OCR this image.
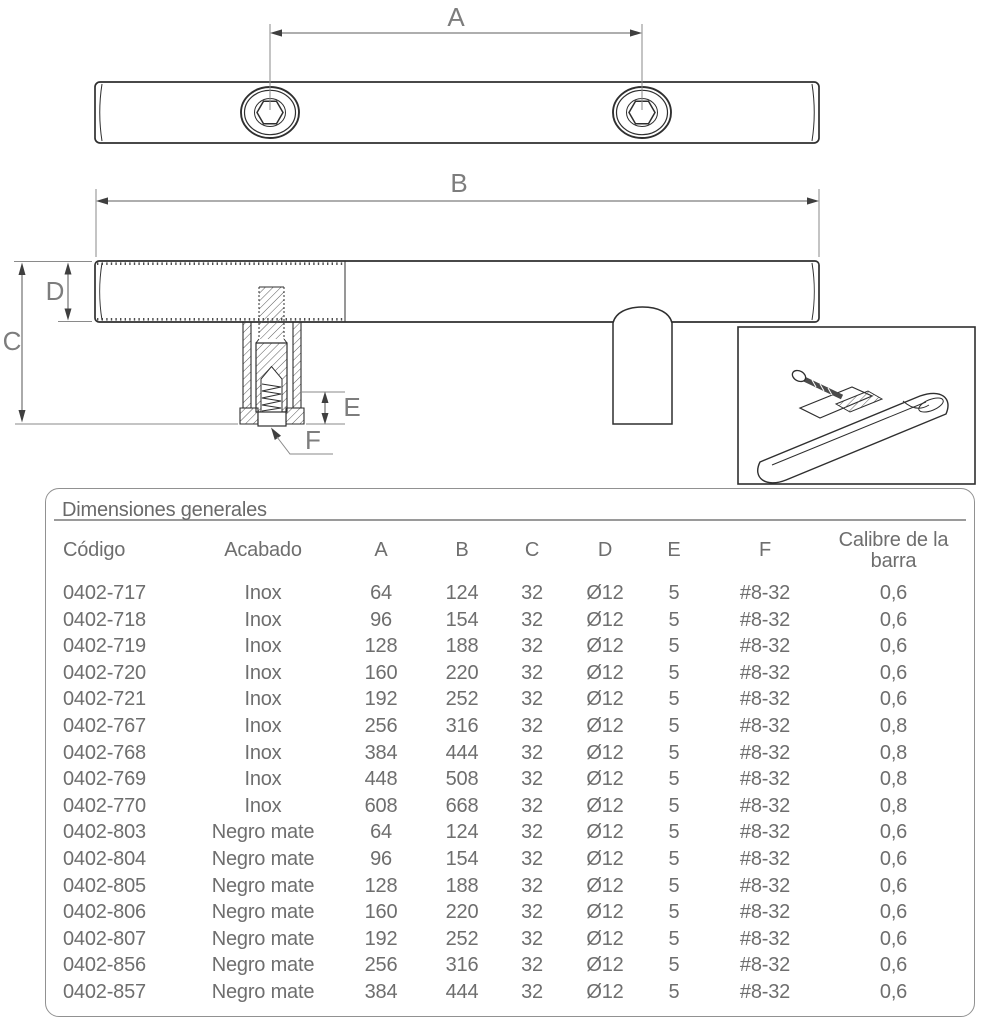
A
B
C
D
E
F
Dimensiones generales
Código	Acabado	A	B	C	D	E	F	Calibre de la barra
0402-717	Inox	64	124	32	Ø12	5	#8-32	0,6
0402-718	Inox	96	154	32	Ø12	5	#8-32	0,6
0402-719	Inox	128	188	32	Ø12	5	#8-32	0,6
0402-720	Inox	160	220	32	Ø12	5	#8-32	0,6
0402-721	Inox	192	252	32	Ø12	5	#8-32	0,6
0402-767	Inox	256	316	32	Ø12	5	#8-32	0,8
0402-768	Inox	384	444	32	Ø12	5	#8-32	0,8
0402-769	Inox	448	508	32	Ø12	5	#8-32	0,8
0402-770	Inox	608	668	32	Ø12	5	#8-32	0,8
0402-803	Negro mate	64	124	32	Ø12	5	#8-32	0,6
0402-804	Negro mate	96	154	32	Ø12	5	#8-32	0,6
0402-805	Negro mate	128	188	32	Ø12	5	#8-32	0,6
0402-806	Negro mate	160	220	32	Ø12	5	#8-32	0,6
0402-807	Negro mate	192	252	32	Ø12	5	#8-32	0,6
0402-856	Negro mate	256	316	32	Ø12	5	#8-32	0,6
0402-857	Negro mate	384	444	32	Ø12	5	#8-32	0,6
